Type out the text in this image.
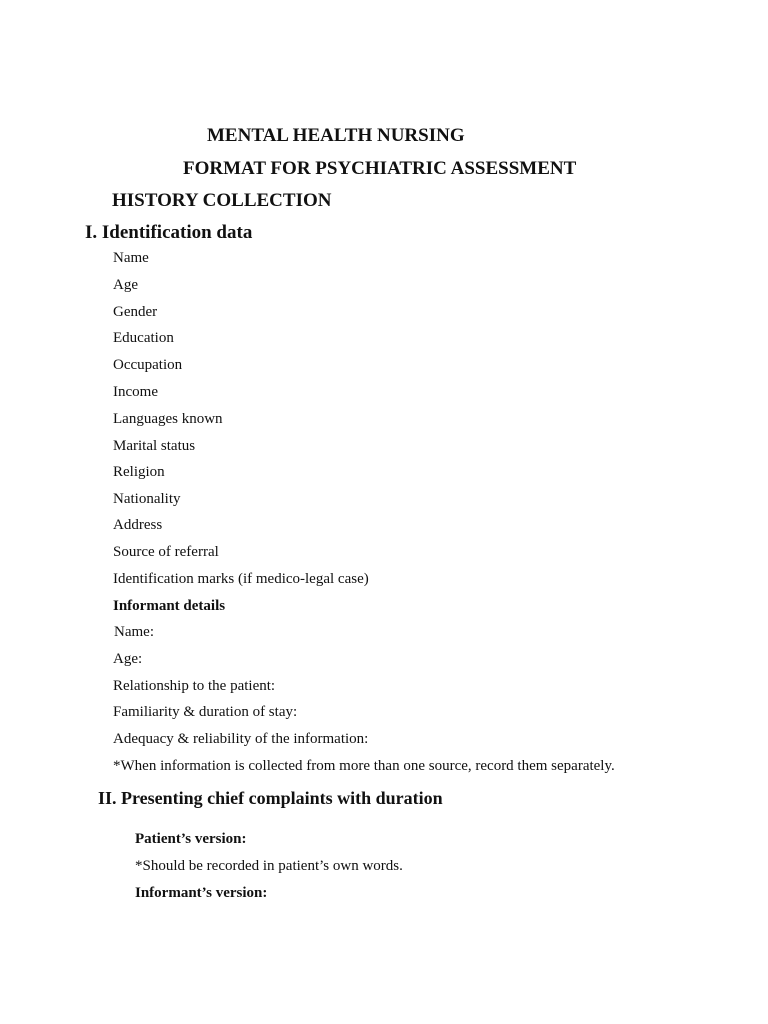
MENTAL HEALTH NURSING
FORMAT FOR PSYCHIATRIC ASSESSMENT
HISTORY COLLECTION
I. Identification data
Name
Age
Gender
Education
Occupation
Income
Languages known
Marital status
Religion
Nationality
Address
Source of referral
Identification marks (if medico-legal case)
Informant details
Name:
Age:
Relationship to the patient:
Familiarity & duration of stay:
Adequacy & reliability of the information:
*When information is collected from more than one source, record them separately.
II. Presenting chief complaints with duration
Patient’s version:
*Should be recorded in patient’s own words.
Informant’s version:
